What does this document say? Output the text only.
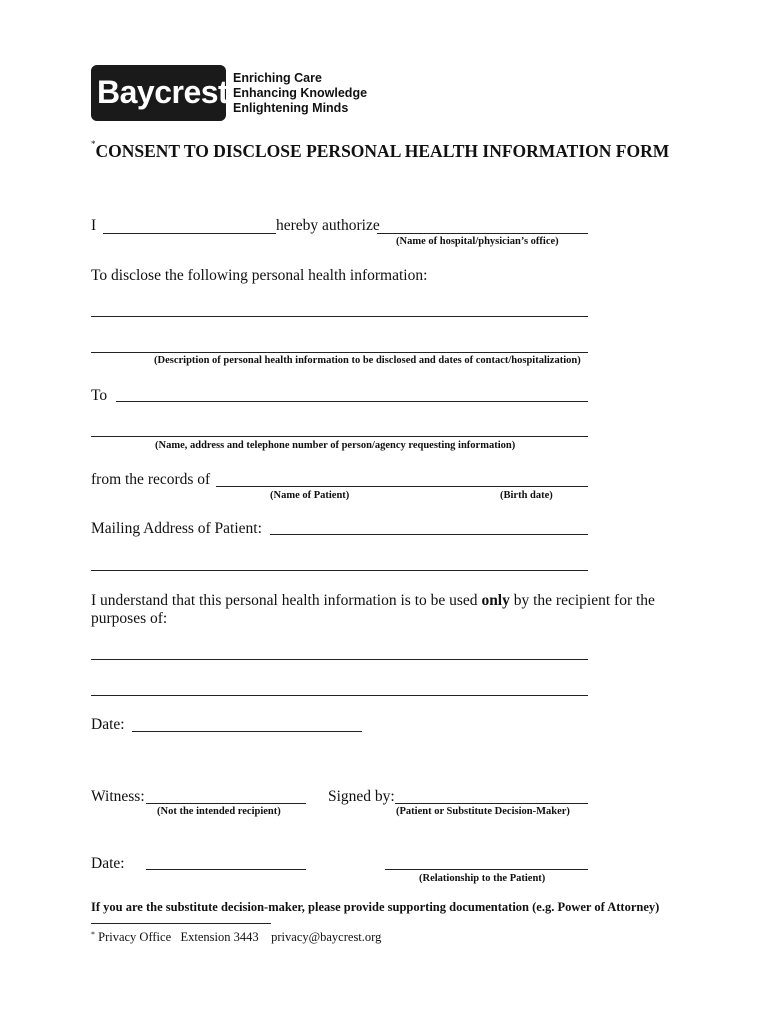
Baycrest Enriching Care
Enhancing Knowledge
Enlightening Minds
*CONSENT TO DISCLOSE PERSONAL HEALTH INFORMATION FORM
I	hereby authorize
(Name of hospital/physician’s office)
To disclose the following personal health information:
(Description of personal health information to be disclosed and dates of contact/hospitalization)
To
(Name, address and telephone number of person/agency requesting information)
from the records of
(Name of Patient)	(Birth date)
Mailing Address of Patient:
I understand that this personal health information is to be used only by the recipient for the
purposes of:
Date:
Witness:
(Not the intended recipient)
Signed by:
(Patient or Substitute Decision-Maker)
Date:
(Relationship to the Patient)
If you are the substitute decision-maker, please provide supporting documentation (e.g. Power of Attorney)
* Privacy Office Extension 3443 privacy@baycrest.org
